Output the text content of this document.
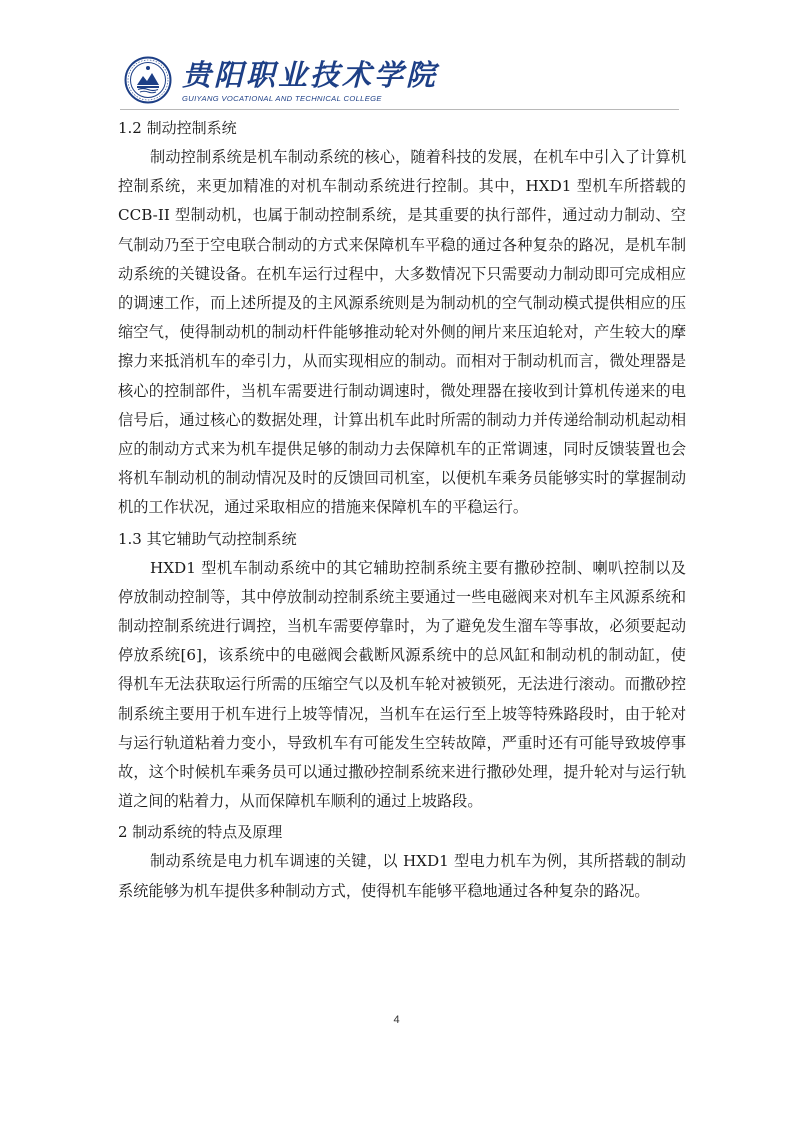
贵阳职业技术学院
GUIYANG VOCATIONAL AND TECHNICAL COLLEGE
1.2 制动控制系统

制动控制系统是机车制动系统的核心，随着科技的发展，在机车中引入了计算机控制系统，来更加精准的对机车制动系统进行控制。其中，HXD1 型机车所搭载的 CCB-II 型制动机，也属于制动控制系统，是其重要的执行部件，通过动力制动、空气制动乃至于空电联合制动的方式来保障机车平稳的通过各种复杂的路况，是机车制动系统的关键设备。在机车运行过程中，大多数情况下只需要动力制动即可完成相应的调速工作，而上述所提及的主风源系统则是为制动机的空气制动模式提供相应的压缩空气，使得制动机的制动杆件能够推动轮对外侧的闸片来压迫轮对，产生较大的摩擦力来抵消机车的牵引力，从而实现相应的制动。而相对于制动机而言，微处理器是核心的控制部件，当机车需要进行制动调速时，微处理器在接收到计算机传递来的电信号后，通过核心的数据处理，计算出机车此时所需的制动力并传递给制动机起动相应的制动方式来为机车提供足够的制动力去保障机车的正常调速，同时反馈装置也会将机车制动机的制动情况及时的反馈回司机室，以便机车乘务员能够实时的掌握制动机的工作状况，通过采取相应的措施来保障机车的平稳运行。

1.3 其它辅助气动控制系统

HXD1 型机车制动系统中的其它辅助控制系统主要有撒砂控制、喇叭控制以及停放制动控制等，其中停放制动控制系统主要通过一些电磁阀来对机车主风源系统和制动控制系统进行调控，当机车需要停靠时，为了避免发生溜车等事故，必须要起动停放系统[6]，该系统中的电磁阀会截断风源系统中的总风缸和制动机的制动缸，使得机车无法获取运行所需的压缩空气以及机车轮对被锁死，无法进行滚动。而撒砂控制系统主要用于机车进行上坡等情况，当机车在运行至上坡等特殊路段时，由于轮对与运行轨道粘着力变小，导致机车有可能发生空转故障，严重时还有可能导致坡停事故，这个时候机车乘务员可以通过撒砂控制系统来进行撒砂处理，提升轮对与运行轨道之间的粘着力，从而保障机车顺利的通过上坡路段。

2 制动系统的特点及原理

制动系统是电力机车调速的关键，以 HXD1 型电力机车为例，其所搭载的制动系统能够为机车提供多种制动方式，使得机车能够平稳地通过各种复杂的路况。

4
